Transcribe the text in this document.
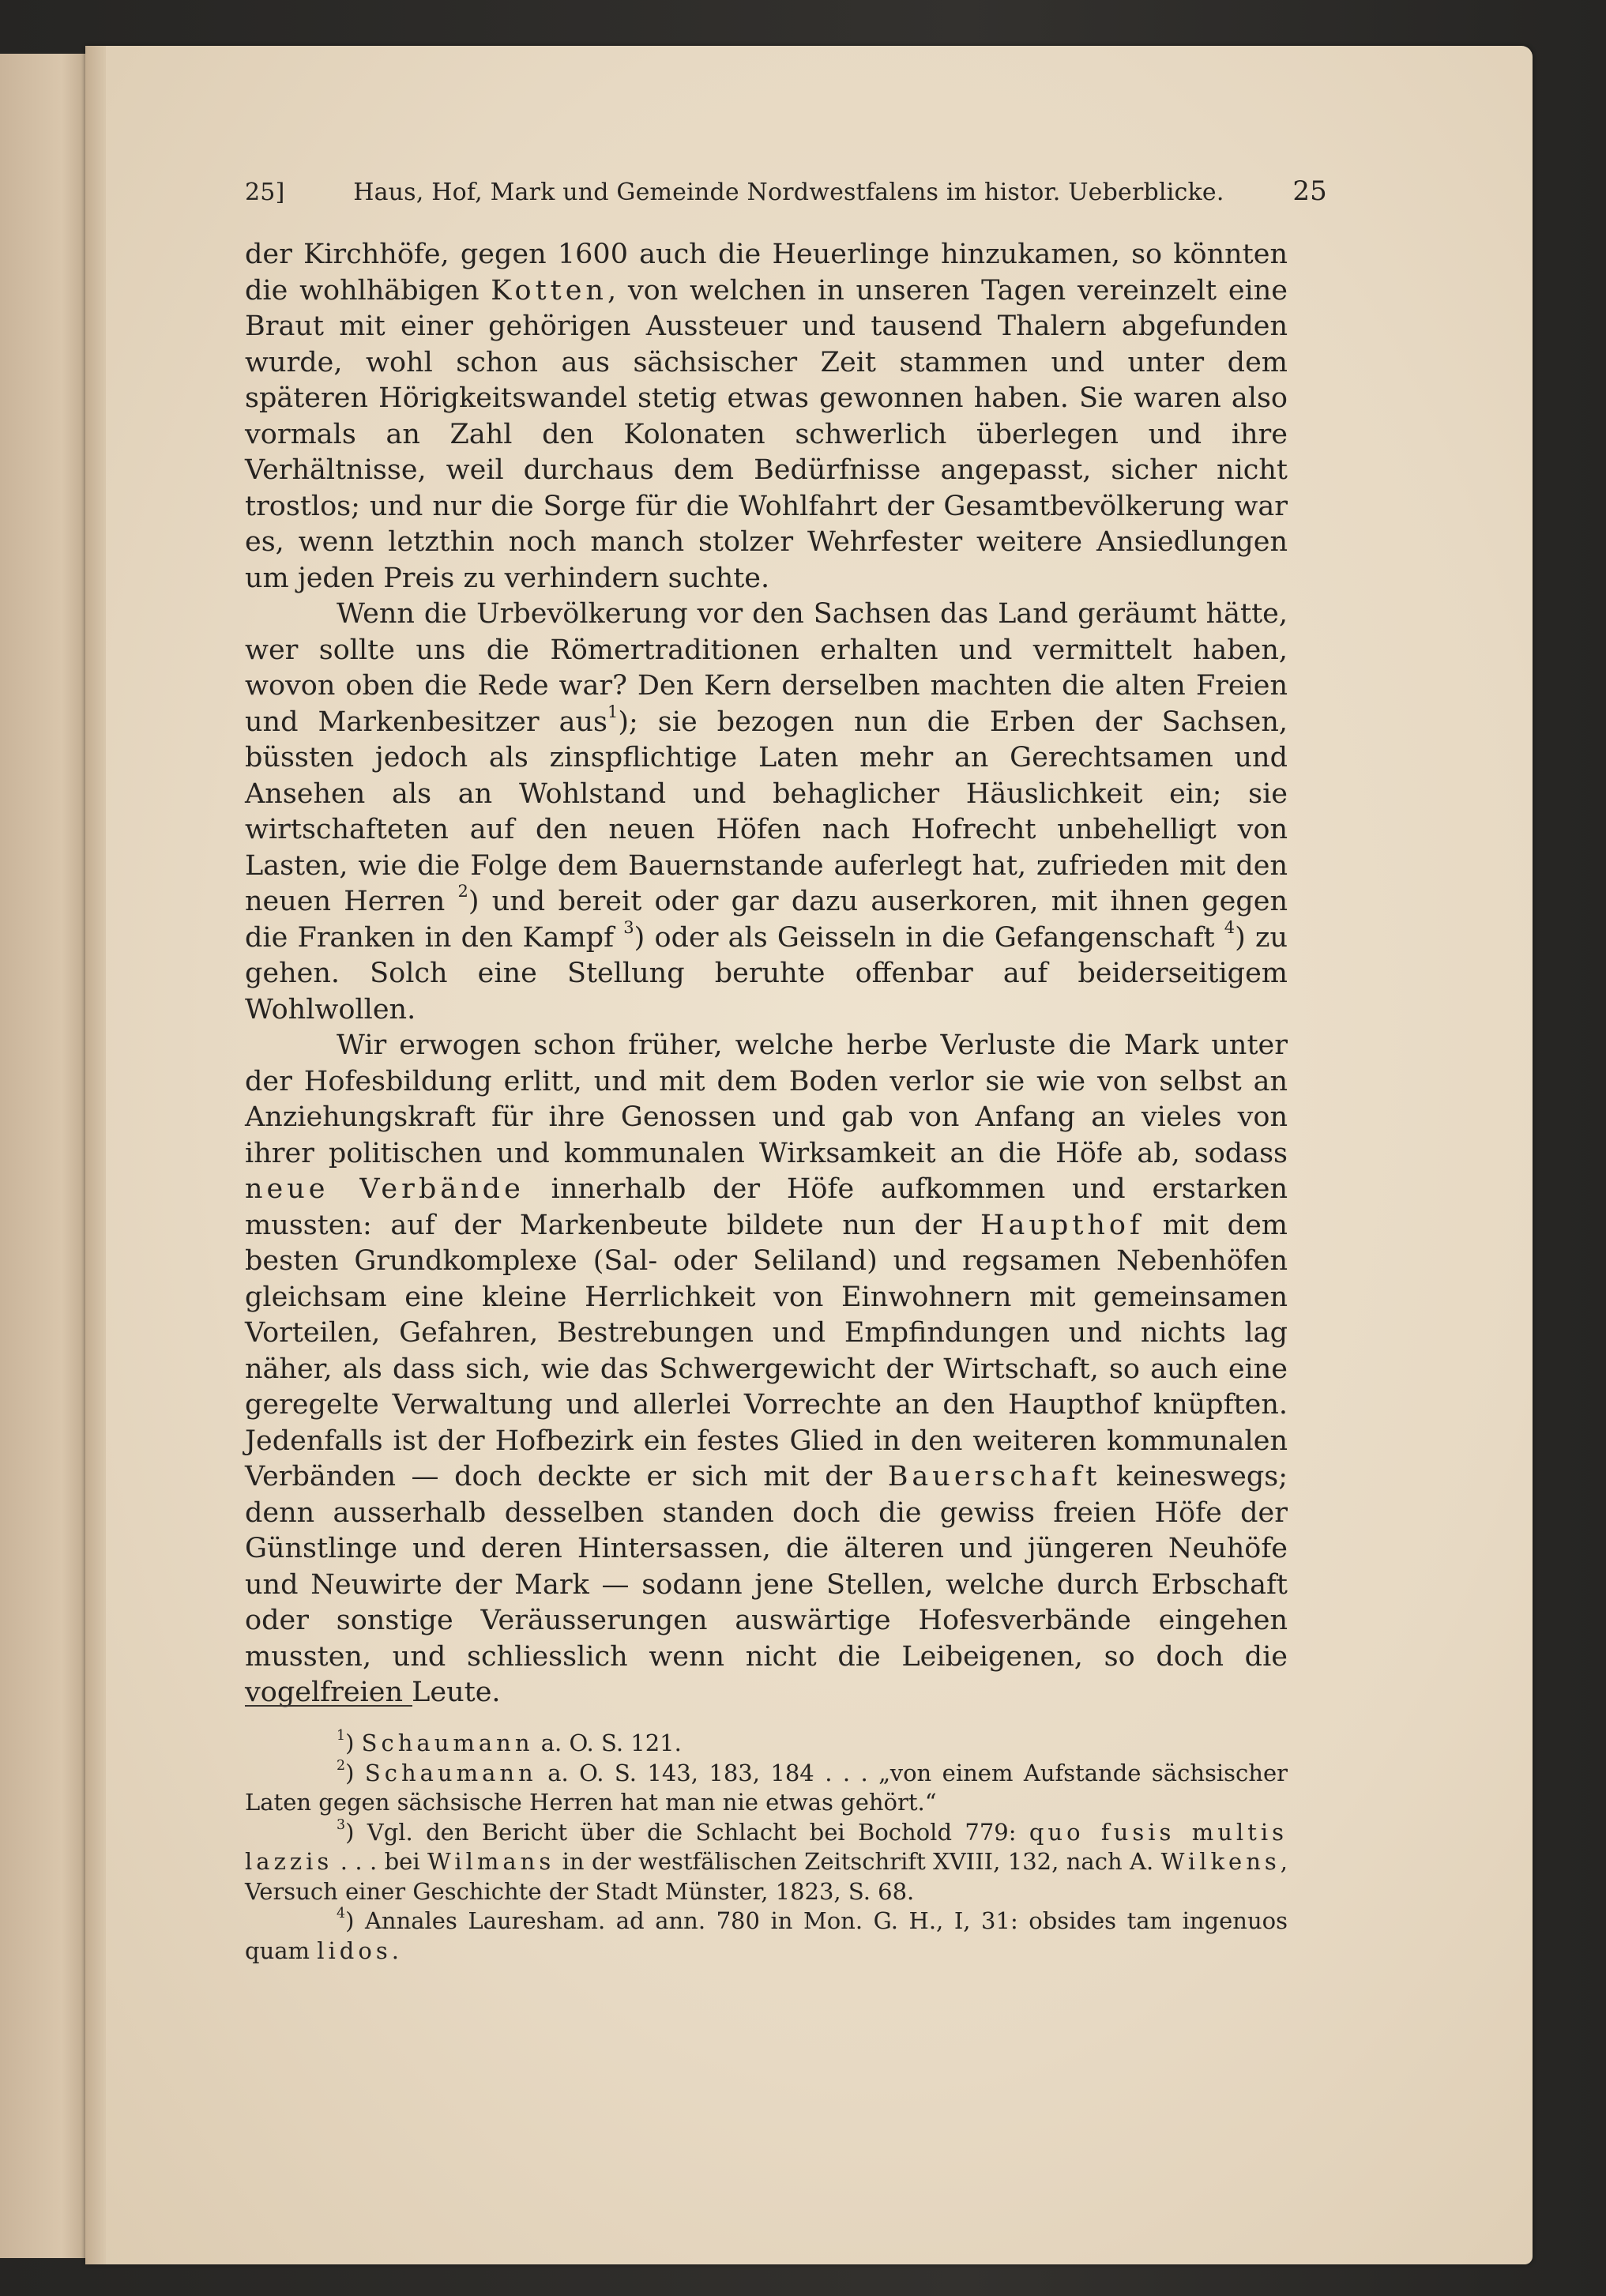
25]	Haus, Hof, Mark und Gemeinde Nordwestfalens im histor. Ueberblicke.	25

der Kirchhöfe, gegen 1600 auch die Heuerlinge hinzukamen, so könnten die wohlhäbigen Kotten, von welchen in unseren Tagen vereinzelt eine Braut mit einer gehörigen Aussteuer und tausend Thalern abgefunden wurde, wohl schon aus sächsischer Zeit stammen und unter dem späteren Hörigkeitswandel stetig etwas gewonnen haben. Sie waren also vormals an Zahl den Kolonaten schwerlich überlegen und ihre Verhältnisse, weil durchaus dem Bedürfnisse angepasst, sicher nicht trostlos; und nur die Sorge für die Wohlfahrt der Gesamtbevölkerung war es, wenn letzthin noch manch stolzer Wehrfester weitere Ansiedlungen um jeden Preis zu verhindern suchte.

Wenn die Urbevölkerung vor den Sachsen das Land geräumt hätte, wer sollte uns die Römertraditionen erhalten und vermittelt haben, wovon oben die Rede war? Den Kern derselben machten die alten Freien und Markenbesitzer aus$^1$); sie bezogen nun die Erben der Sachsen, büssten jedoch als zinspflichtige Laten mehr an Gerechtsamen und Ansehen als an Wohlstand und behaglicher Häuslichkeit ein; sie wirtschafteten auf den neuen Höfen nach Hofrecht unbehelligt von Lasten, wie die Folge dem Bauernstande auferlegt hat, zufrieden mit den neuen Herren $^2$) und bereit oder gar dazu auserkoren, mit ihnen gegen die Franken in den Kampf $^3$) oder als Geisseln in die Gefangenschaft $^4$) zu gehen. Solch eine Stellung beruhte offenbar auf beiderseitigem Wohlwollen.

Wir erwogen schon früher, welche herbe Verluste die Mark unter der Hofesbildung erlitt, und mit dem Boden verlor sie wie von selbst an Anziehungskraft für ihre Genossen und gab von Anfang an vieles von ihrer politischen und kommunalen Wirksamkeit an die Höfe ab, sodass neue Verbände innerhalb der Höfe aufkommen und erstarken mussten: auf der Markenbeute bildete nun der Haupthof mit dem besten Grundkomplexe (Sal- oder Seliland) und regsamen Nebenhöfen gleichsam eine kleine Herrlichkeit von Einwohnern mit gemeinsamen Vorteilen, Gefahren, Bestrebungen und Empfindungen und nichts lag näher, als dass sich, wie das Schwergewicht der Wirtschaft, so auch eine geregelte Verwaltung und allerlei Vorrechte an den Haupthof knüpften. Jedenfalls ist der Hofbezirk ein festes Glied in den weiteren kommunalen Verbänden — doch deckte er sich mit der Bauerschaft keineswegs; denn ausserhalb desselben standen doch die gewiss freien Höfe der Günstlinge und deren Hintersassen, die älteren und jüngeren Neuhöfe und Neuwirte der Mark — sodann jene Stellen, welche durch Erbschaft oder sonstige Veräusserungen auswärtige Hofesverbände eingehen mussten, und schliesslich wenn nicht die Leibeigenen, so doch die vogelfreien Leute.

$^1$) Schaumann a. O. S. 121.

$^2$) Schaumann a. O. S. 143, 183, 184 . . . „von einem Aufstande sächsischer Laten gegen sächsische Herren hat man nie etwas gehört.“

$^3$) Vgl. den Bericht über die Schlacht bei Bochold 779: quo fusis multis lazzis . . . bei Wilmans in der westfälischen Zeitschrift XVIII, 132, nach A. Wilkens, Versuch einer Geschichte der Stadt Münster, 1823, S. 68.

$^4$) Annales Lauresham. ad ann. 780 in Mon. G. H., I, 31: obsides tam ingenuos quam lidos.
